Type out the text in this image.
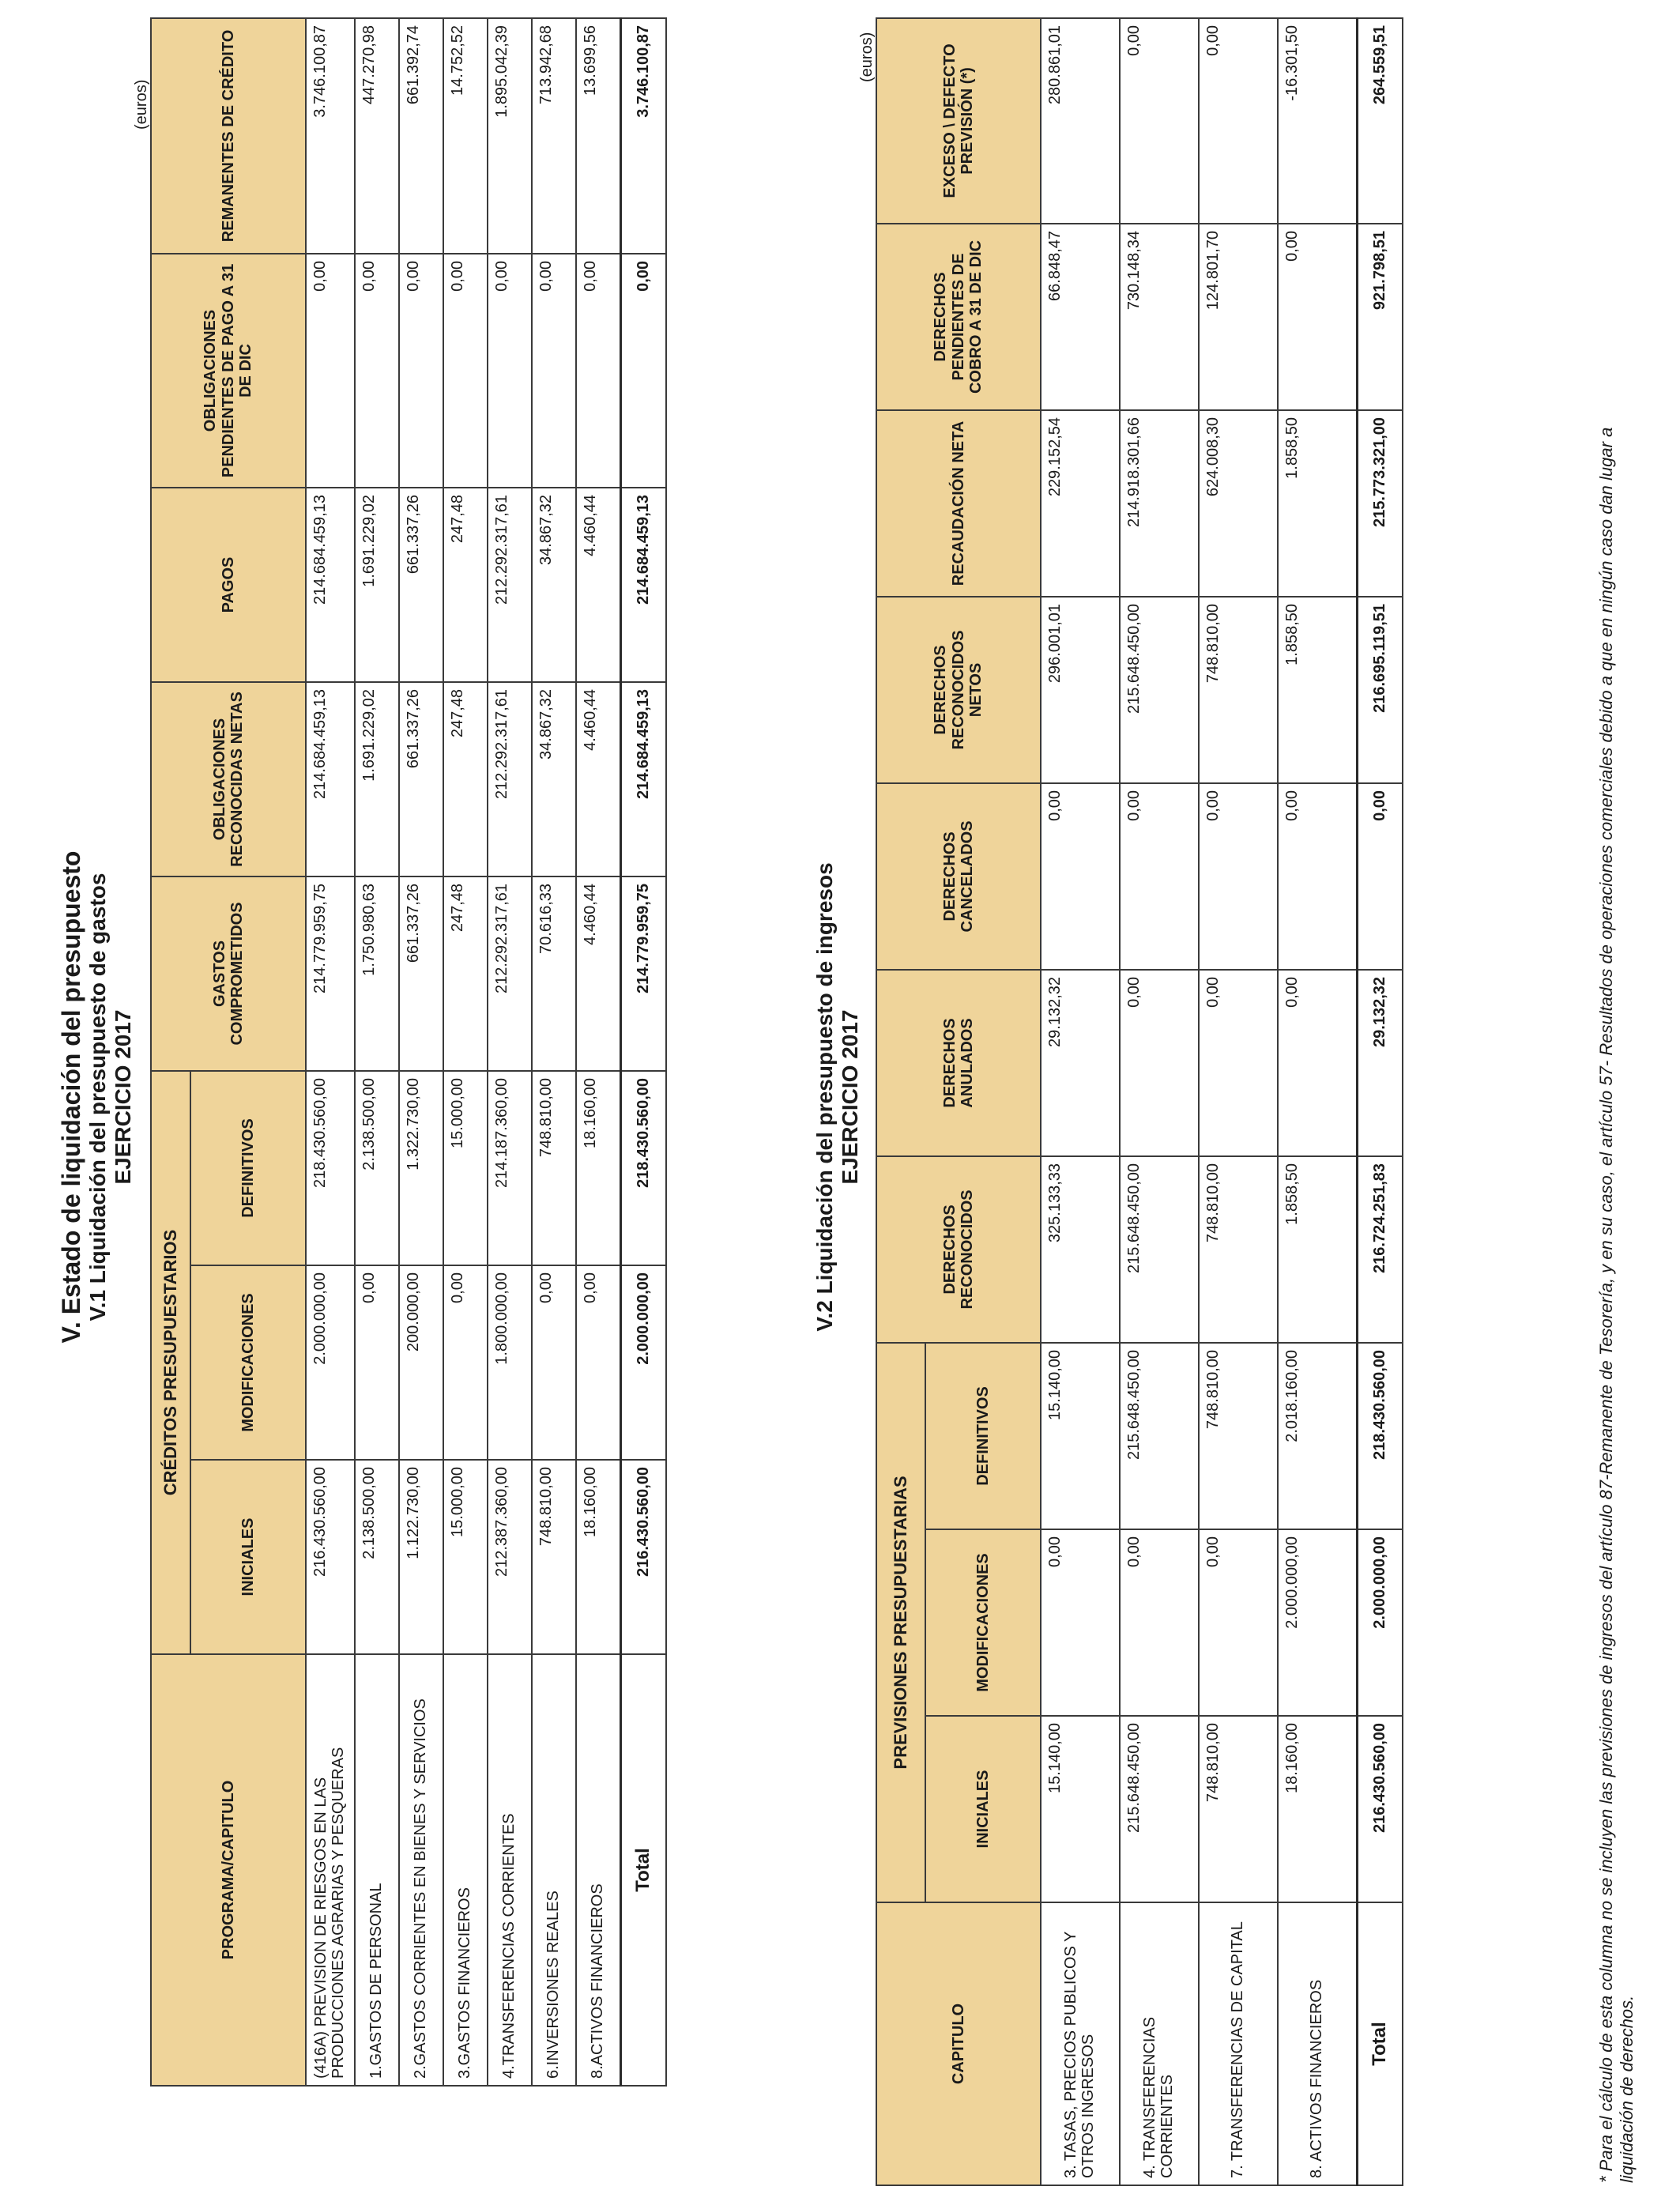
V. Estado de liquidación del presupuesto V.1 Liquidación del presupuesto de gastos EJERCICIO 2017
(euros)
PROGRAMA/CAPITULO	CRÉDITOS PRESUPUESTARIOS			GASTOS COMPROMETIDOS	OBLIGACIONES RECONOCIDAS NETAS	PAGOS	OBLIGACIONES PENDIENTES DE PAGO A 31 DE DIC	REMANENTES DE CRÉDITO
	INICIALES	MODIFICACIONES	DEFINITIVOS					
(416A) PREVISION DE RIESGOS EN LAS PRODUCCIONES AGRARIAS Y PESQUERAS	216.430.560,00	2.000.000,00	218.430.560,00	214.779.959,75	214.684.459,13	214.684.459,13	0,00	3.746.100,87
1.GASTOS DE PERSONAL	2.138.500,00	0,00	2.138.500,00	1.750.980,63	1.691.229,02	1.691.229,02	0,00	447.270,98
2.GASTOS CORRIENTES EN BIENES Y SERVICIOS	1.122.730,00	200.000,00	1.322.730,00	661.337,26	661.337,26	661.337,26	0,00	661.392,74
3.GASTOS FINANCIEROS	15.000,00	0,00	15.000,00	247,48	247,48	247,48	0,00	14.752,52
4.TRANSFERENCIAS CORRIENTES	212.387.360,00	1.800.000,00	214.187.360,00	212.292.317,61	212.292.317,61	212.292.317,61	0,00	1.895.042,39
6.INVERSIONES REALES	748.810,00	0,00	748.810,00	70.616,33	34.867,32	34.867,32	0,00	713.942,68
8.ACTIVOS FINANCIEROS	18.160,00	0,00	18.160,00	4.460,44	4.460,44	4.460,44	0,00	13.699,56
Total	216.430.560,00	2.000.000,00	218.430.560,00	214.779.959,75	214.684.459,13	214.684.459,13	0,00	3.746.100,87
V.2 Liquidación del presupuesto de ingresos EJERCICIO 2017
(euros)
CAPITULO	PREVISIONES PRESUPUESTARIAS			DERECHOS RECONOCIDOS	DERECHOS ANULADOS	DERECHOS CANCELADOS	DERECHOS RECONOCIDOS NETOS	RECAUDACIÓN NETA	DERECHOS PENDIENTES DE COBRO A 31 DE DIC	EXCESO \ DEFECTO PREVISIÓN (*)
	INICIALES	MODIFICACIONES	DEFINITIVOS							
3. TASAS, PRECIOS PUBLICOS Y OTROS INGRESOS	15.140,00	0,00	15.140,00	325.133,33	29.132,32	0,00	296.001,01	229.152,54	66.848,47	280.861,01
4. TRANSFERENCIAS CORRIENTES	215.648.450,00	0,00	215.648.450,00	215.648.450,00	0,00	0,00	215.648.450,00	214.918.301,66	730.148,34	0,00
7. TRANSFERENCIAS DE CAPITAL	748.810,00	0,00	748.810,00	748.810,00	0,00	0,00	748.810,00	624.008,30	124.801,70	0,00
8. ACTIVOS FINANCIEROS	18.160,00	2.000.000,00	2.018.160,00	1.858,50	0,00	0,00	1.858,50	1.858,50	0,00	-16.301,50
Total	216.430.560,00	2.000.000,00	218.430.560,00	216.724.251,83	29.132,32	0,00	216.695.119,51	215.773.321,00	921.798,51	264.559,51
* Para el cálculo de esta columna no se incluyen las previsiones de ingresos del artículo 87-Remanente de Tesorería, y en su caso, el artículo 57- Resultados de operaciones comerciales debido a que en ningún caso dan lugar a liquidación de derechos.
